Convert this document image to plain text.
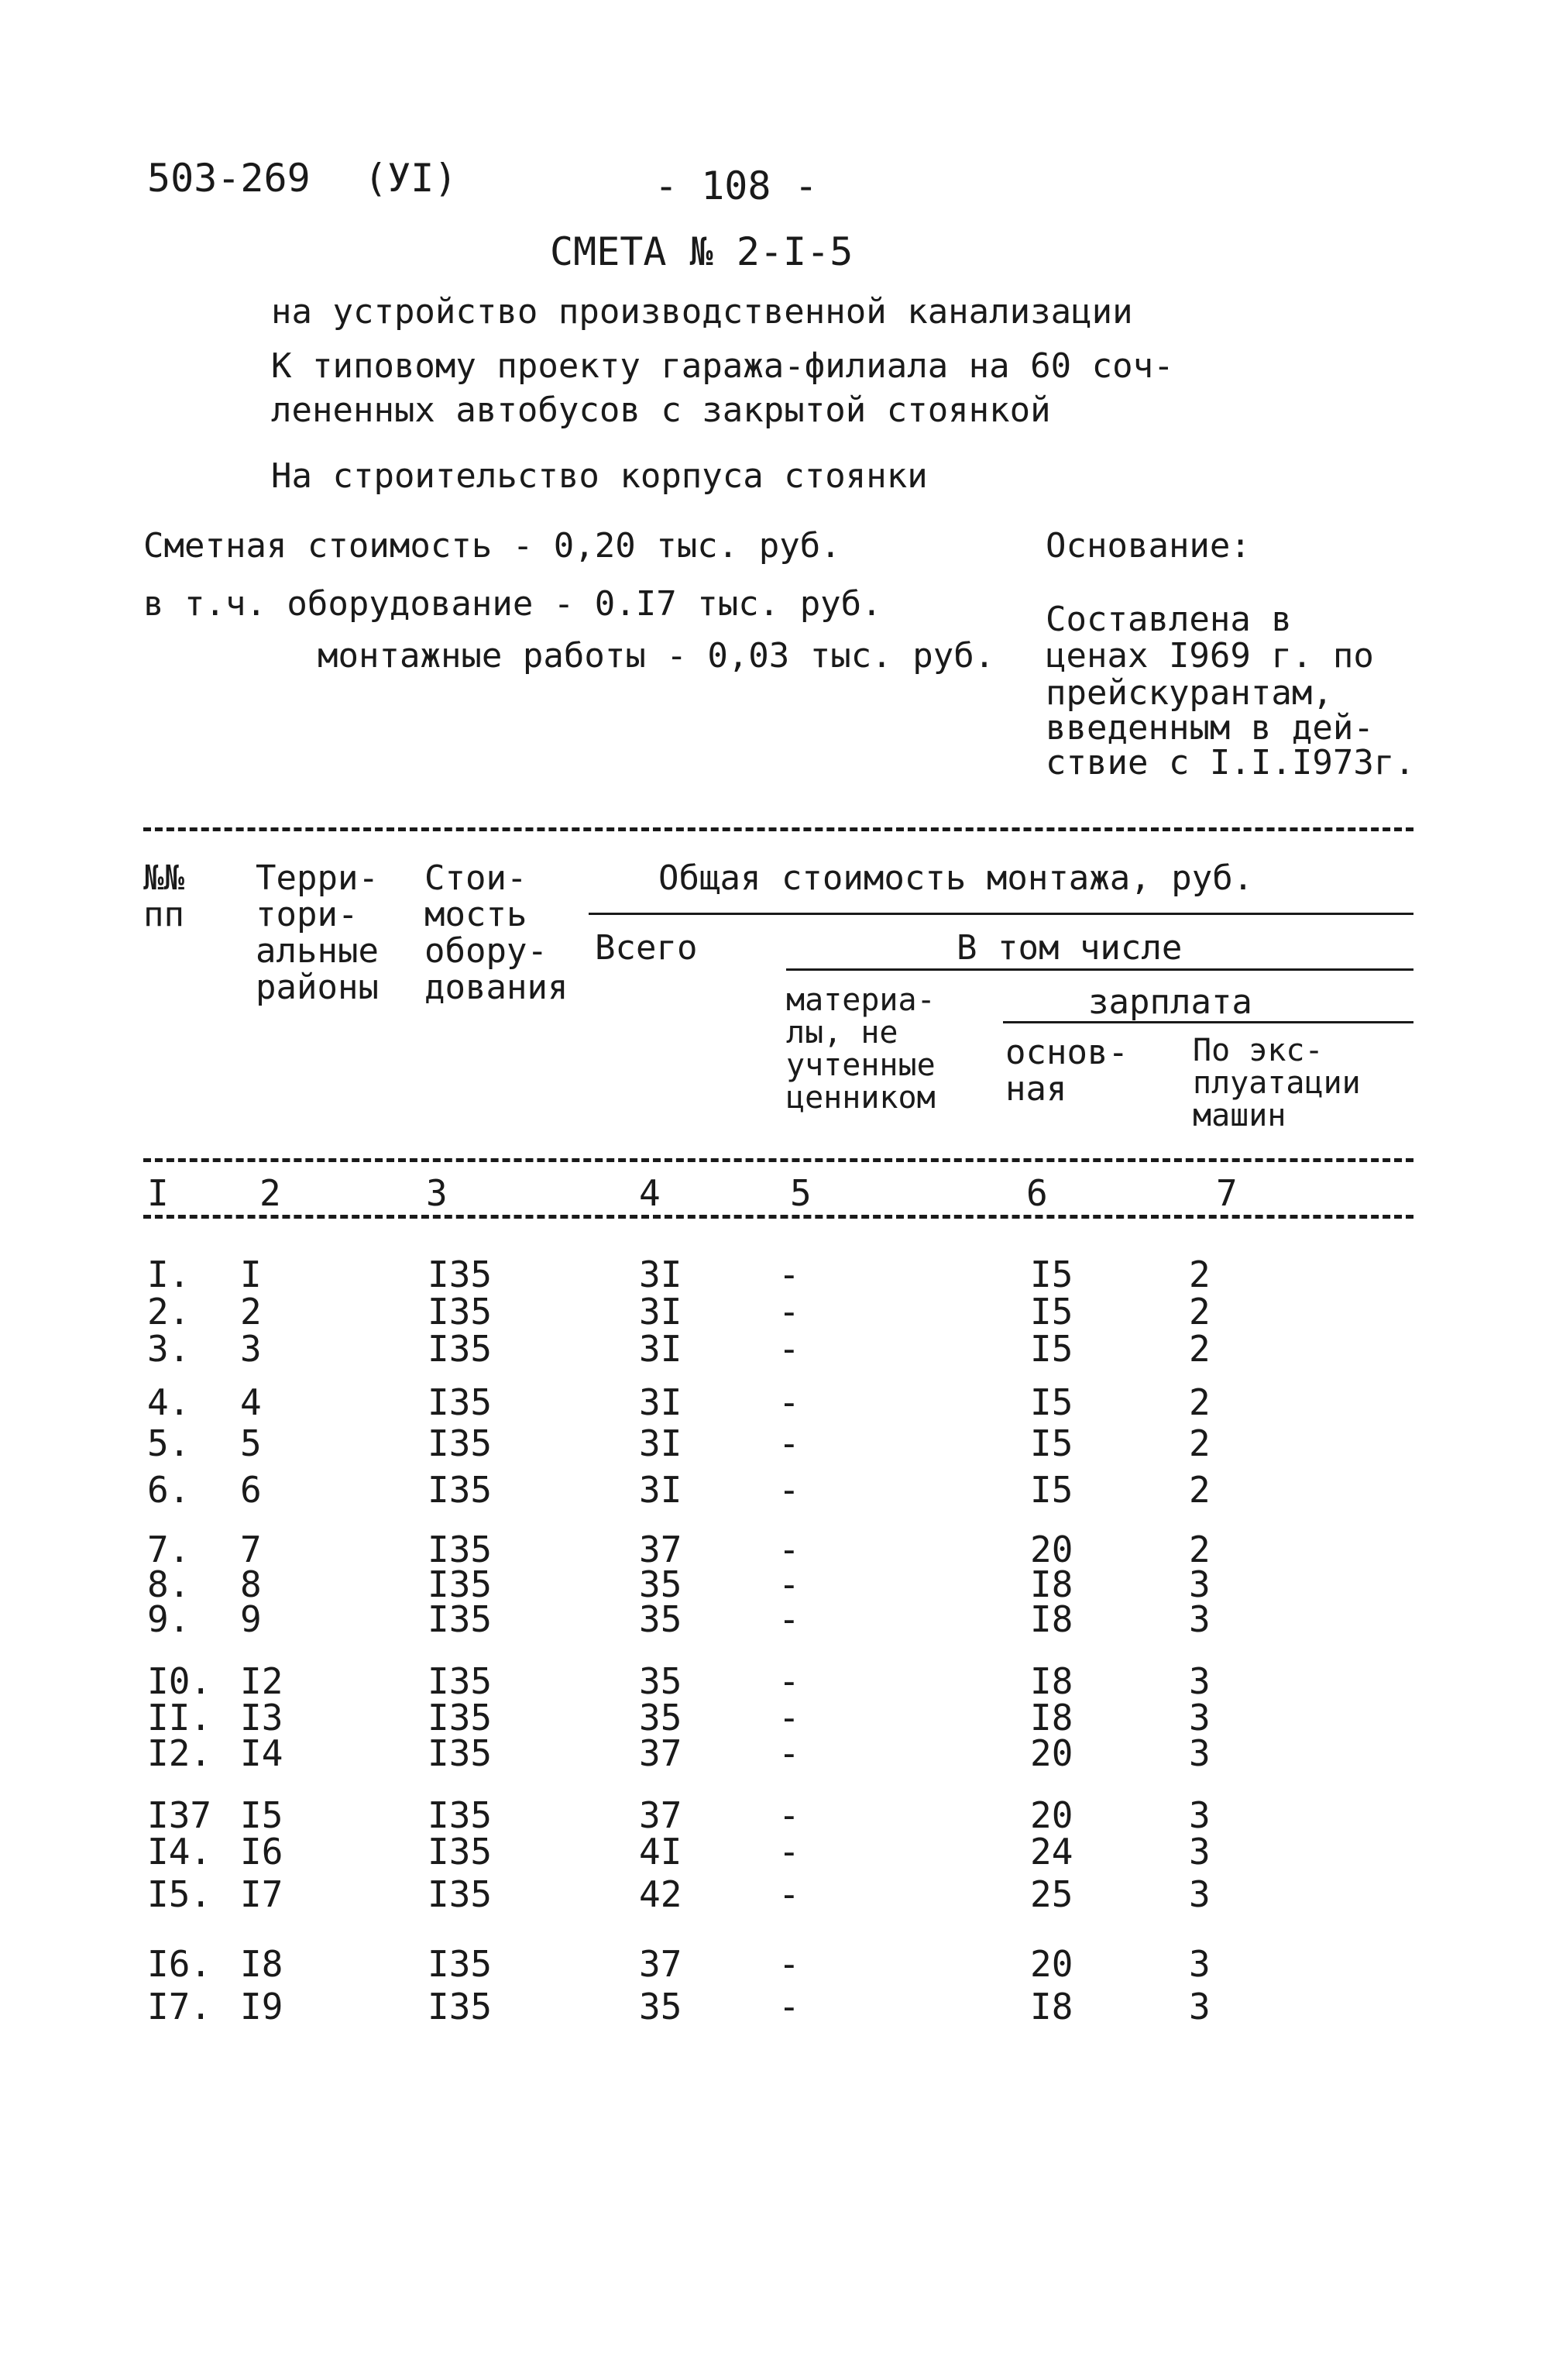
503-269 (УI)	- 108 -
СМЕТА № 2-I-5
на устройство производственной канализации
К типовому проекту гаража-филиала на 60 соч-
лененных автобусов с закрытой стоянкой
На строительство корпуса стоянки
Сметная стоимость - 0,20 тыс. руб.
в т.ч. оборудование - 0.I7 тыс. руб.
монтажные работы - 0,03 тыс. руб.
Основание:
Составлена в
ценах I969 г. по
прейскурантам,
введенным в дей-
ствие с I.I.I973г.
№№
пп
Терри-
тори-
альные
районы
Стои-
мость
обору-
дования
Общая стоимость монтажа, руб.
Всего	В том числе
материа-
лы, не
учтенные
ценником
зарплата
основ-
ная
По экс-
плуатации
машин
I	2	3	4	5	6	7
I. I	I35	3I	-	I5	2
2. 2	I35	3I	-	I5	2
3. 3	I35	3I	-	I5	2
4. 4	I35	3I	-	I5	2
5. 5	I35	3I	-	I5	2
6. 6	I35	3I	-	I5	2
7. 7	I35	37	-	20	2
8. 8	I35	35	-	I8	3
9. 9	I35	35	-	I8	3
I0. I2	I35	35	-	I8	3
II. I3	I35	35	-	I8	3
I2. I4	I35	37	-	20	3
I37 I5	I35	37	-	20	3
I4. I6	I35	4I	-	24	3
I5. I7	I35	42	-	25	3
I6. I8	I35	37	-	20	3
I7. I9	I35	35	-	I8	3
